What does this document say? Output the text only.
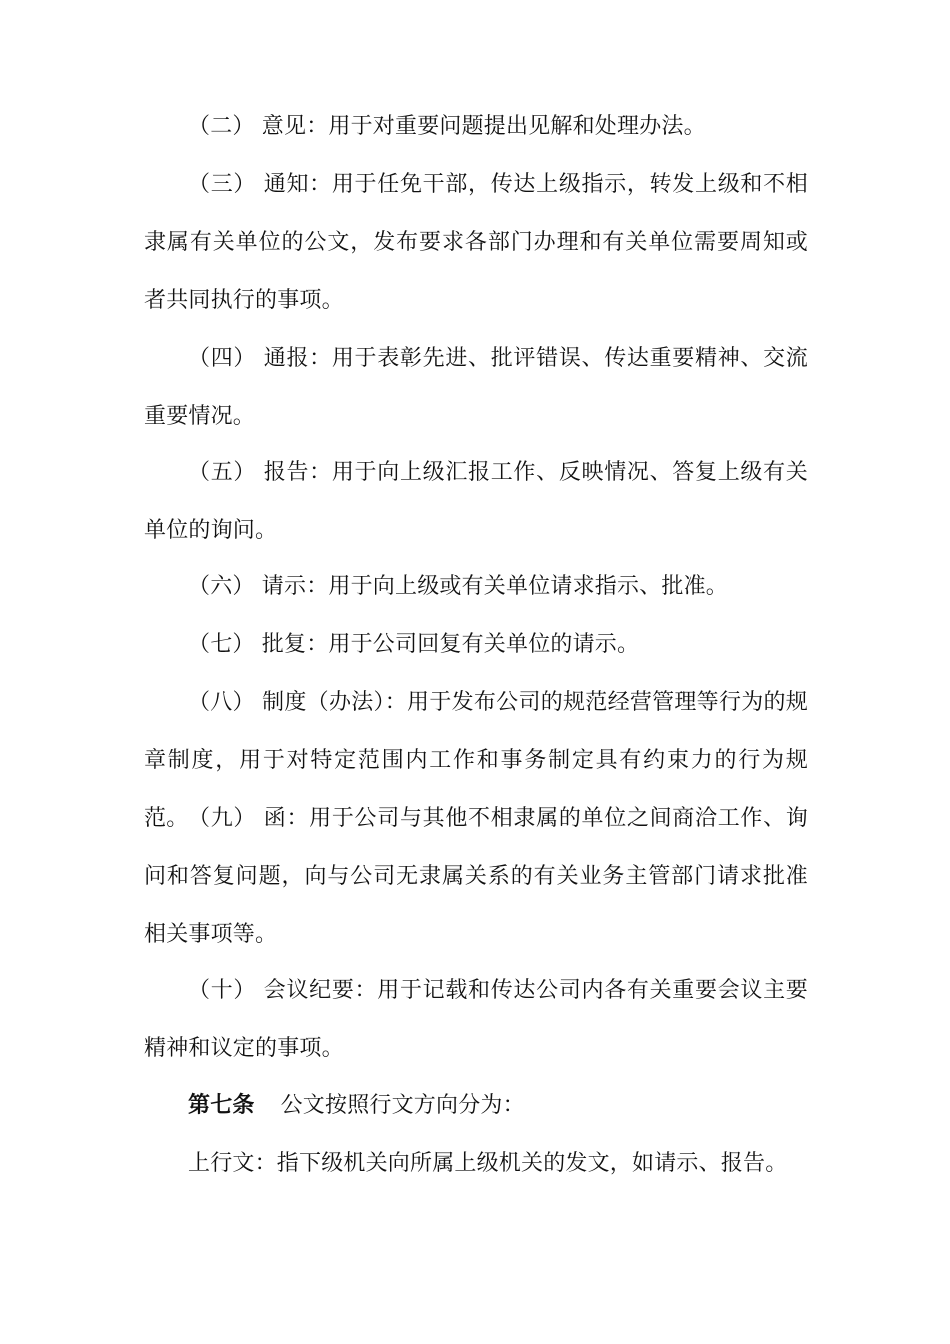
（二） 意见：用于对重要问题提出见解和处理办法。

（三） 通知：用于任免干部，传达上级指示，转发上级和不相隶属有关单位的公文，发布要求各部门办理和有关单位需要周知或者共同执行的事项。

（四） 通报：用于表彰先进、批评错误、传达重要精神、交流重要情况。

（五） 报告：用于向上级汇报工作、反映情况、答复上级有关单位的询问。

（六） 请示：用于向上级或有关单位请求指示、批准。

（七） 批复：用于公司回复有关单位的请示。

（八） 制度（办法）：用于发布公司的规范经营管理等行为的规章制度，用于对特定范围内工作和事务制定具有约束力的行为规范。 （九） 函：用于公司与其他不相隶属的单位之间商洽工作、询问和答复问题，向与公司无隶属关系的有关业务主管部门请求批准相关事项等。

（十） 会议纪要：用于记载和传达公司内各有关重要会议主要精神和议定的事项。

第七条 公文按照行文方向分为：

上行文：指下级机关向所属上级机关的发文，如请示、报告。
